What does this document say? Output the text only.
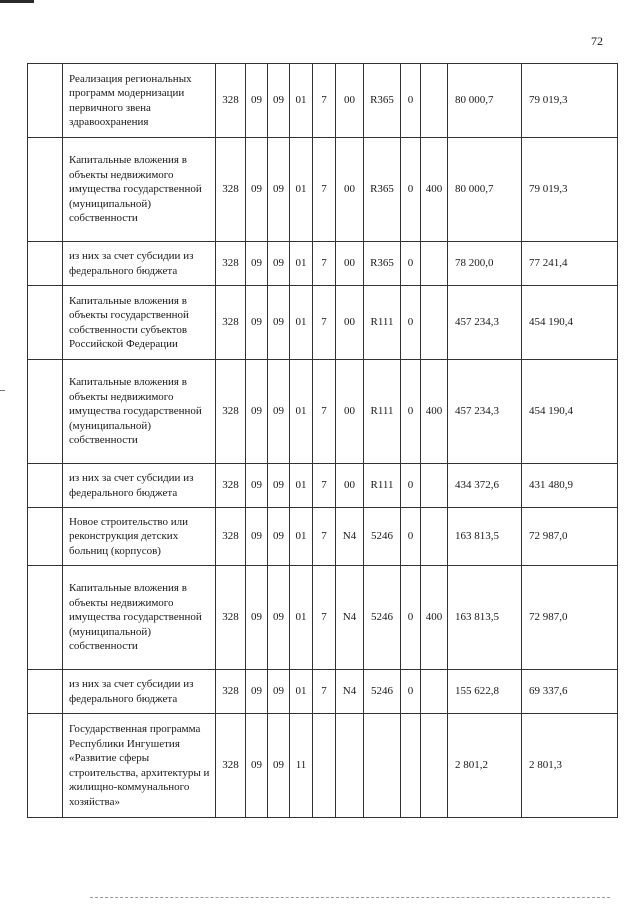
72
	Реализация региональных программ модернизации первичного звена здравоохранения	328	09	09	01	7	00	R365	0		80 000,7	79 019,3
	Капитальные вложения в объекты недвижимого имущества государственной (муниципальной) собственности	328	09	09	01	7	00	R365	0	400	80 000,7	79 019,3
	из них за счет субсидии из федерального бюджета	328	09	09	01	7	00	R365	0		78 200,0	77 241,4
	Капитальные вложения в объекты государственной собственности субъектов Российской Федерации	328	09	09	01	7	00	R111	0		457 234,3	454 190,4
	Капитальные вложения в объекты недвижимого имущества государственной (муниципальной) собственности	328	09	09	01	7	00	R111	0	400	457 234,3	454 190,4
	из них за счет субсидии из федерального бюджета	328	09	09	01	7	00	R111	0		434 372,6	431 480,9
	Новое строительство или реконструкция детских больниц (корпусов)	328	09	09	01	7	N4	5246	0		163 813,5	72 987,0
	Капитальные вложения в объекты недвижимого имущества государственной (муниципальной) собственности	328	09	09	01	7	N4	5246	0	400	163 813,5	72 987,0
	из них за счет субсидии из федерального бюджета	328	09	09	01	7	N4	5246	0		155 622,8	69 337,6
	Государственная программа Республики Ингушетия «Развитие сферы строительства, архитектуры и жилищно-коммунального хозяйства»	328	09	09	11						2 801,2	2 801,3
